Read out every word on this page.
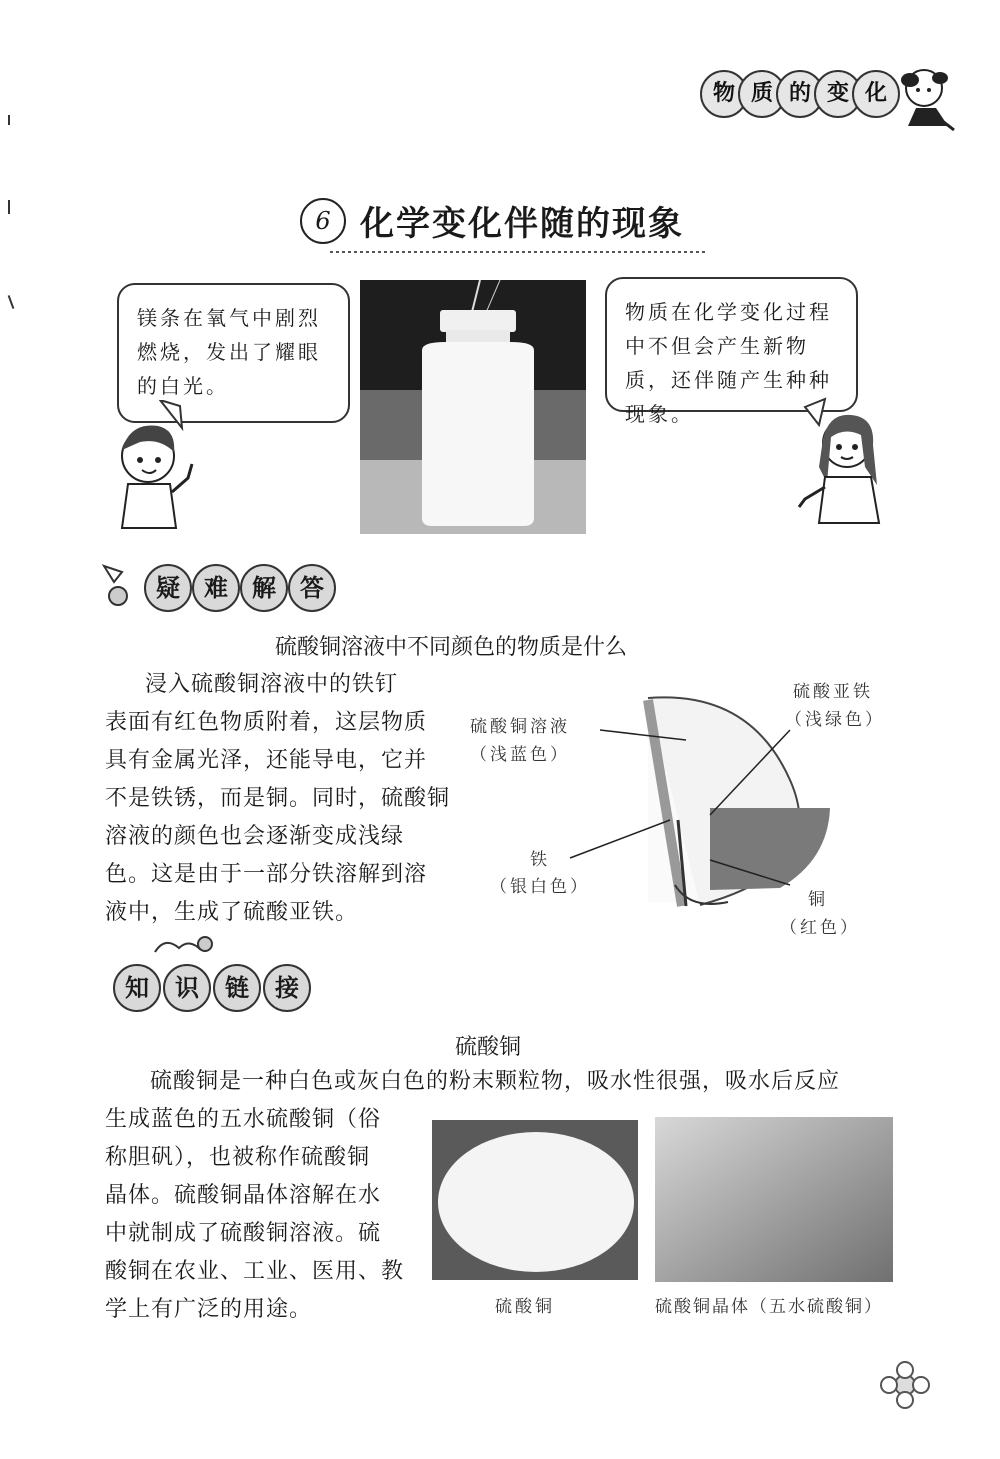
物 质 的 变 化
6 化学变化伴随的现象
镁条在氧气中剧烈燃烧，发出了耀眼的白光。
物质在化学变化过程中不但会产生新物质，还伴随产生种种现象。
疑	难	解	答
硫酸铜溶液中不同颜色的物质是什么
浸入硫酸铜溶液中的铁钉
表面有红色物质附着，这层物质
具有金属光泽，还能导电，它并
不是铁锈，而是铜。同时，硫酸铜
溶液的颜色也会逐渐变成浅绿
色。这是由于一部分铁溶解到溶
液中，生成了硫酸亚铁。
硫酸铜溶液
（浅蓝色）
硫酸亚铁
（浅绿色）
铁
（银白色）
铜
（红色）
知	识	链	接
硫酸铜
硫酸铜是一种白色或灰白色的粉末颗粒物，吸水性很强，吸水后反应
生成蓝色的五水硫酸铜（俗
称胆矾），也被称作硫酸铜
晶体。硫酸铜晶体溶解在水
中就制成了硫酸铜溶液。硫
酸铜在农业、工业、医用、教
学上有广泛的用途。	硫酸铜	硫酸铜晶体（五水硫酸铜）
